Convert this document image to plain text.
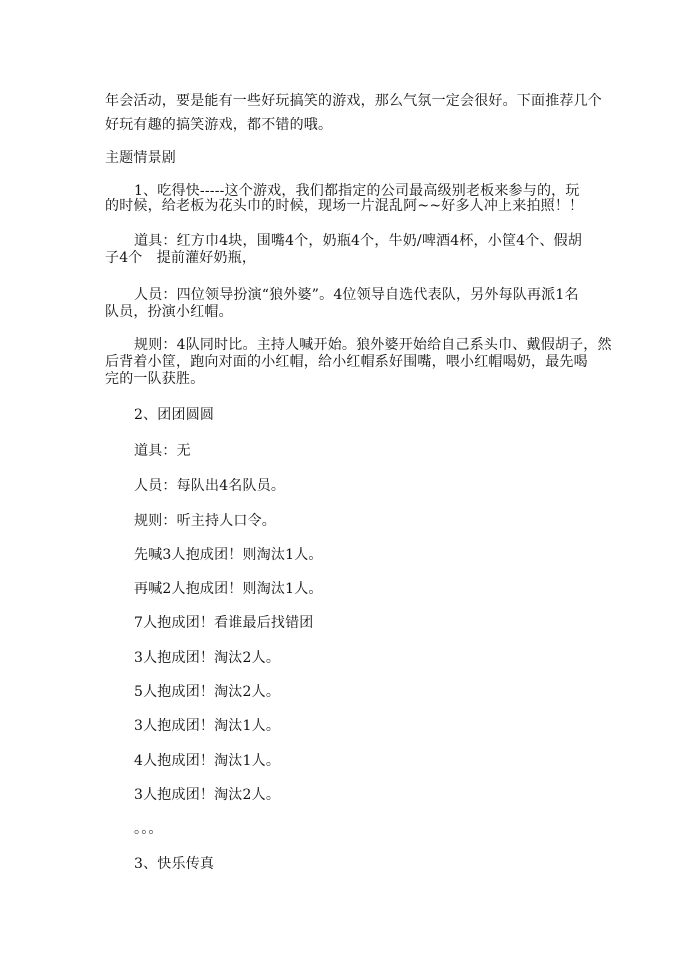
年会活动，要是能有一些好玩搞笑的游戏，那么气氛一定会很好。下面推荐几个
好玩有趣的搞笑游戏，都不错的哦。
主题情景剧
1、吃得快-----这个游戏，我们都指定的公司最高级别老板来参与的，玩
的时候，给老板为花头巾的时候，现场一片混乱阿~~好多人冲上来拍照！！
道具：红方巾4块，围嘴4个，奶瓶4个，牛奶/啤酒4杯，小筐4个、假胡
子4个　提前灌好奶瓶，
人员：四位领导扮演“狼外婆”。4位领导自选代表队，另外每队再派1名
队员，扮演小红帽。
规则：4队同时比。主持人喊开始。狼外婆开始给自己系头巾、戴假胡子，然
后背着小筐，跑向对面的小红帽，给小红帽系好围嘴，喂小红帽喝奶，最先喝
完的一队获胜。
2、团团圆圆
道具：无
人员：每队出4名队员。
规则：听主持人口令。
先喊3人抱成团！则淘汰1人。
再喊2人抱成团！则淘汰1人。
7人抱成团！看谁最后找错团
3人抱成团！淘汰2人。
5人抱成团！淘汰2人。
3人抱成团！淘汰1人。
4人抱成团！淘汰1人。
3人抱成团！淘汰2人。
。。。
3、快乐传真
